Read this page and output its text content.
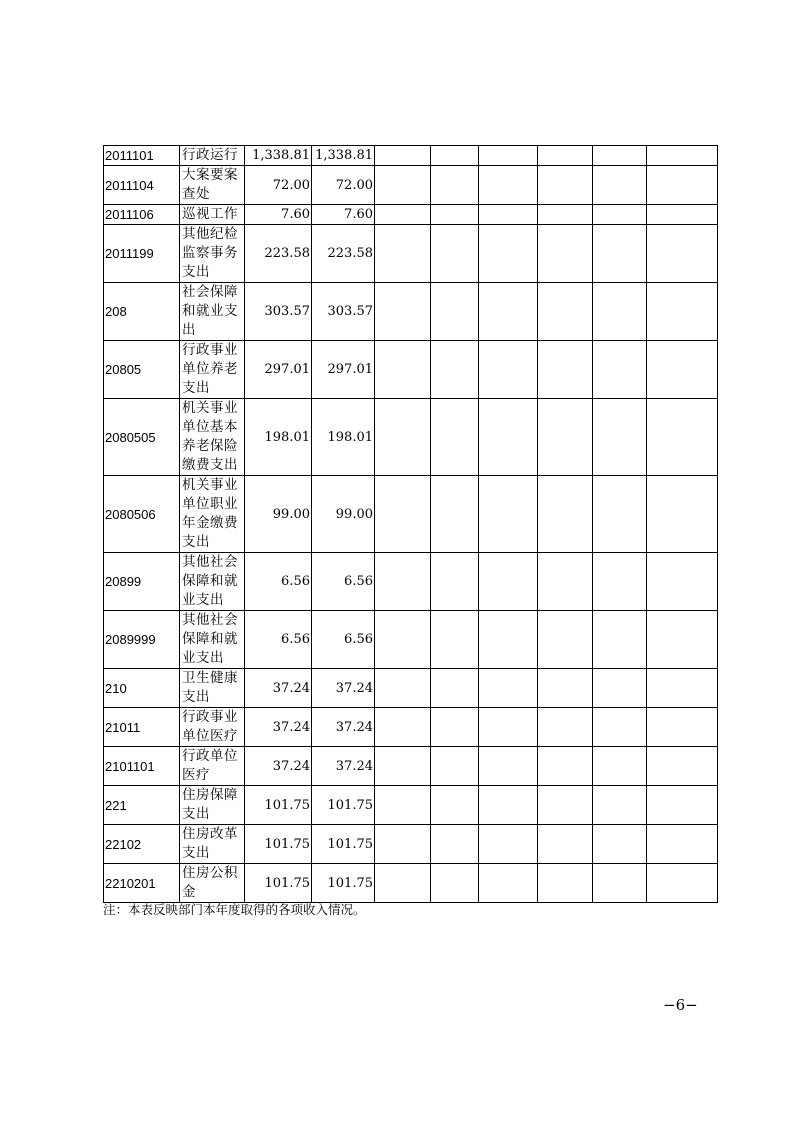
2011101	行政运行	1,338.81	1,338.81						
2011104	大案要案查处	72.00	72.00						
2011106	巡视工作	7.60	7.60						
2011199	其他纪检监察事务支出	223.58	223.58						
208	社会保障和就业支出	303.57	303.57						
20805	行政事业单位养老支出	297.01	297.01						
2080505	机关事业单位基本养老保险缴费支出	198.01	198.01						
2080506	机关事业单位职业年金缴费支出	99.00	99.00						
20899	其他社会保障和就业支出	6.56	6.56						
2089999	其他社会保障和就业支出	6.56	6.56						
210	卫生健康支出	37.24	37.24						
21011	行政事业单位医疗	37.24	37.24						
2101101	行政单位医疗	37.24	37.24						
221	住房保障支出	101.75	101.75						
22102	住房改革支出	101.75	101.75						
2210201	住房公积金	101.75	101.75						
注：本表反映部门本年度取得的各项收入情况。
−6−
